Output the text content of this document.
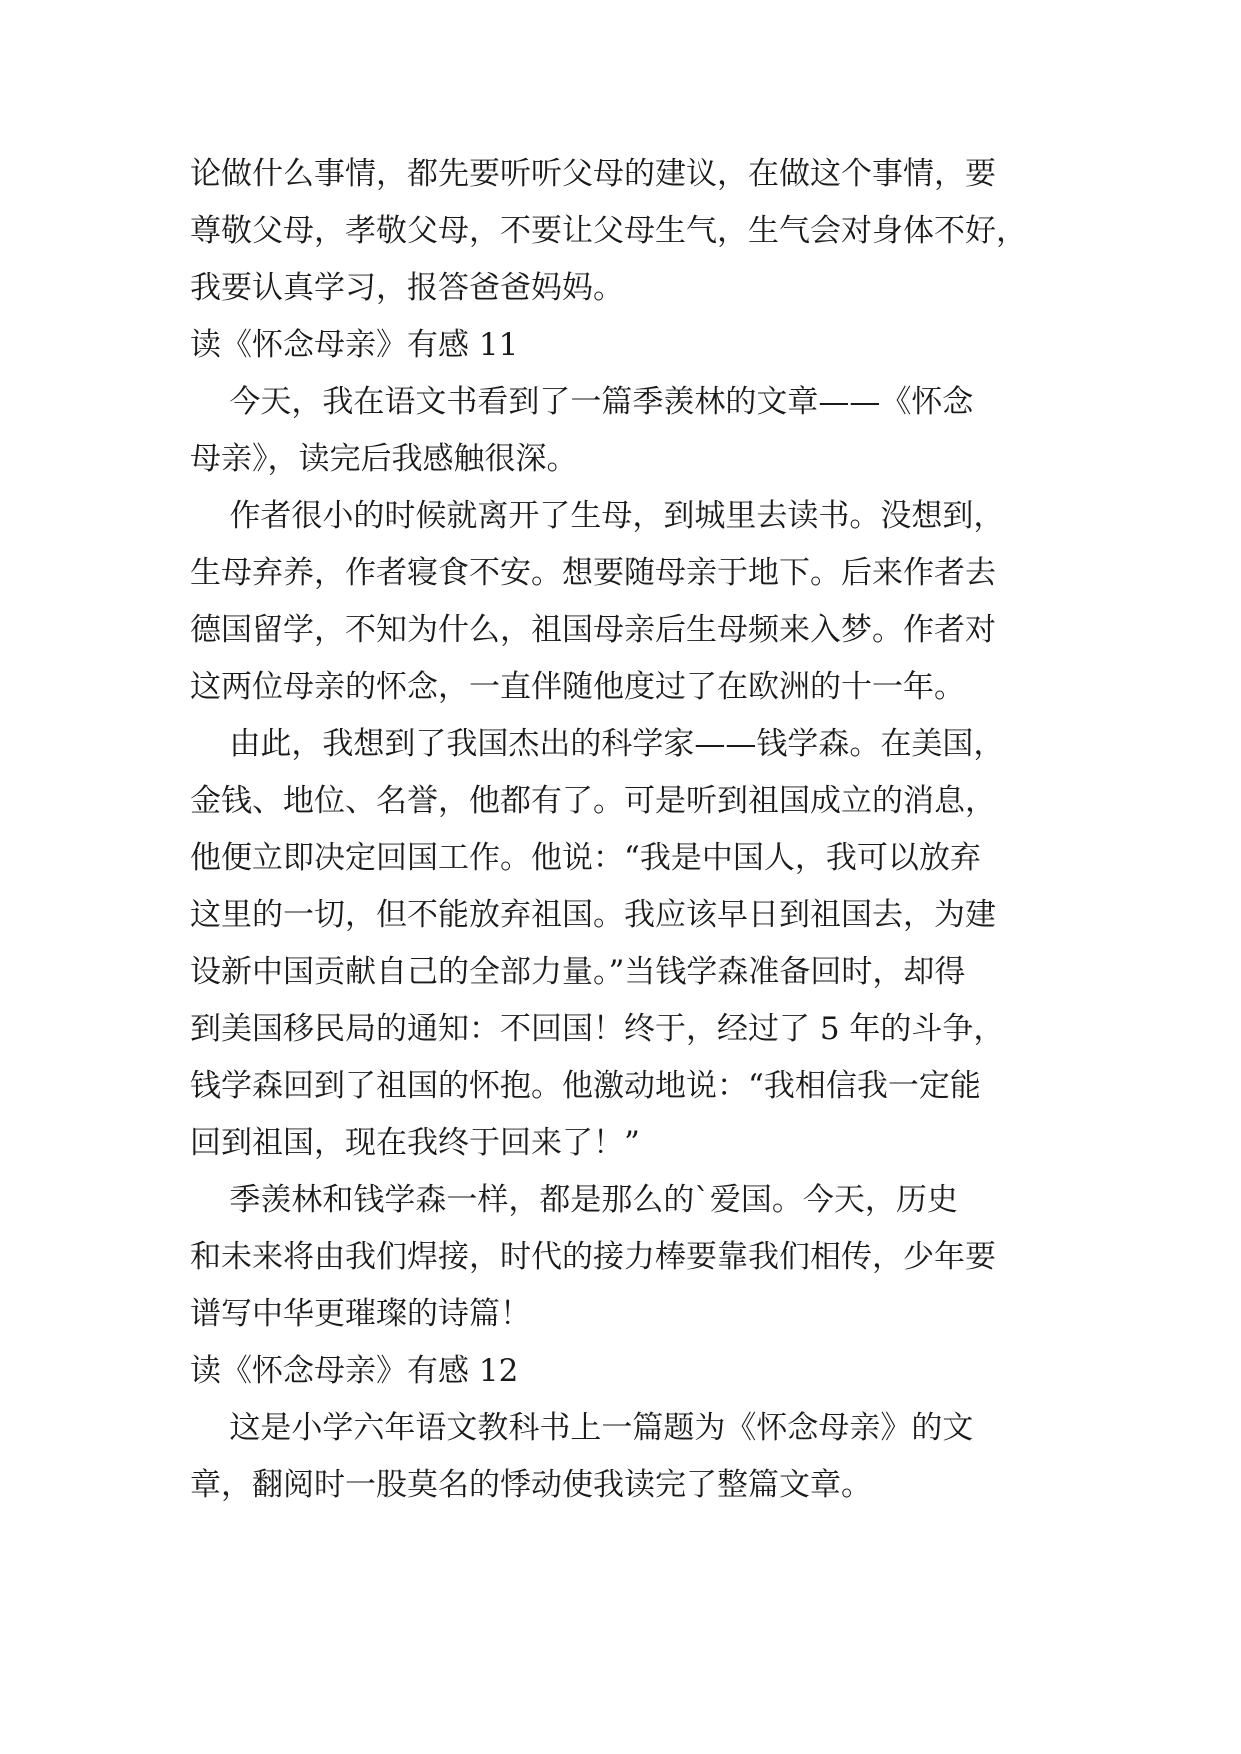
论做什么事情，都先要听听父母的建议，在做这个事情，要
尊敬父母，孝敬父母，不要让父母生气，生气会对身体不好，
我要认真学习，报答爸爸妈妈。
读《怀念母亲》有感 11
今天，我在语文书看到了一篇季羡林的文章——《怀念
母亲》，读完后我感触很深。
作者很小的时候就离开了生母，到城里去读书。没想到，
生母弃养，作者寝食不安。想要随母亲于地下。后来作者去
德国留学，不知为什么，祖国母亲后生母频来入梦。作者对
这两位母亲的怀念，一直伴随他度过了在欧洲的十一年。
由此，我想到了我国杰出的科学家——钱学森。在美国，
金钱、地位、名誉，他都有了。可是听到祖国成立的消息，
他便立即决定回国工作。他说：“我是中国人，我可以放弃
这里的一切，但不能放弃祖国。我应该早日到祖国去，为建
设新中国贡献自己的全部力量。”当钱学森准备回时，却得
到美国移民局的通知：不回国！终于，经过了 5 年的斗争，
钱学森回到了祖国的怀抱。他激动地说：“我相信我一定能
回到祖国，现在我终于回来了！”
季羡林和钱学森一样，都是那么的`爱国。今天，历史
和未来将由我们焊接，时代的接力棒要靠我们相传，少年要
谱写中华更璀璨的诗篇！
读《怀念母亲》有感 12
这是小学六年语文教科书上一篇题为《怀念母亲》的文
章，翻阅时一股莫名的悸动使我读完了整篇文章。
